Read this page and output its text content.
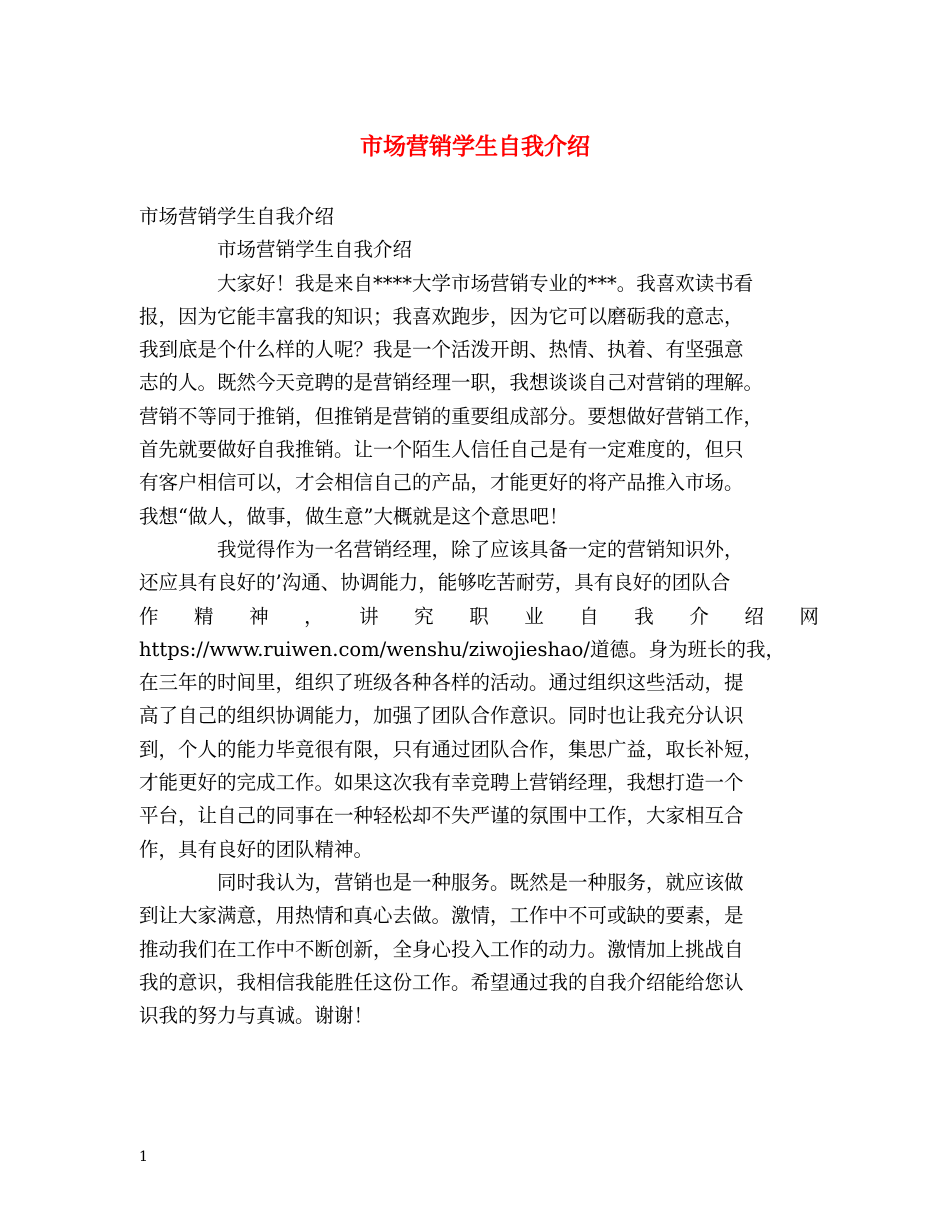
市场营销学生自我介绍
市场营销学生自我介绍
市场营销学生自我介绍
大家好！我是来自****大学市场营销专业的***。我喜欢读书看
报，因为它能丰富我的知识；我喜欢跑步，因为它可以磨砺我的意志，
我到底是个什么样的人呢？我是一个活泼开朗、热情、执着、有坚强意
志的人。既然今天竞聘的是营销经理一职，我想谈谈自己对营销的理解。
营销不等同于推销，但推销是营销的重要组成部分。要想做好营销工作，
首先就要做好自我推销。让一个陌生人信任自己是有一定难度的，但只
有客户相信可以，才会相信自己的产品，才能更好的将产品推入市场。
我想“做人，做事，做生意”大概就是这个意思吧！
我觉得作为一名营销经理，除了应该具备一定的营销知识外，
还应具有良好的’沟通、协调能力，能够吃苦耐劳，具有良好的团队合
作 精 神 ， 讲 究 职 业 自 我 介 绍 网
https://www.ruiwen.com/wenshu/ziwojieshao/道德。身为班长的我，
在三年的时间里，组织了班级各种各样的活动。通过组织这些活动，提
高了自己的组织协调能力，加强了团队合作意识。同时也让我充分认识
到，个人的能力毕竟很有限，只有通过团队合作，集思广益，取长补短，
才能更好的完成工作。如果这次我有幸竞聘上营销经理，我想打造一个
平台，让自己的同事在一种轻松却不失严谨的氛围中工作，大家相互合
作，具有良好的团队精神。
同时我认为，营销也是一种服务。既然是一种服务，就应该做
到让大家满意，用热情和真心去做。激情，工作中不可或缺的要素，是
推动我们在工作中不断创新，全身心投入工作的动力。激情加上挑战自
我的意识，我相信我能胜任这份工作。希望通过我的自我介绍能给您认
识我的努力与真诚。谢谢！
1
